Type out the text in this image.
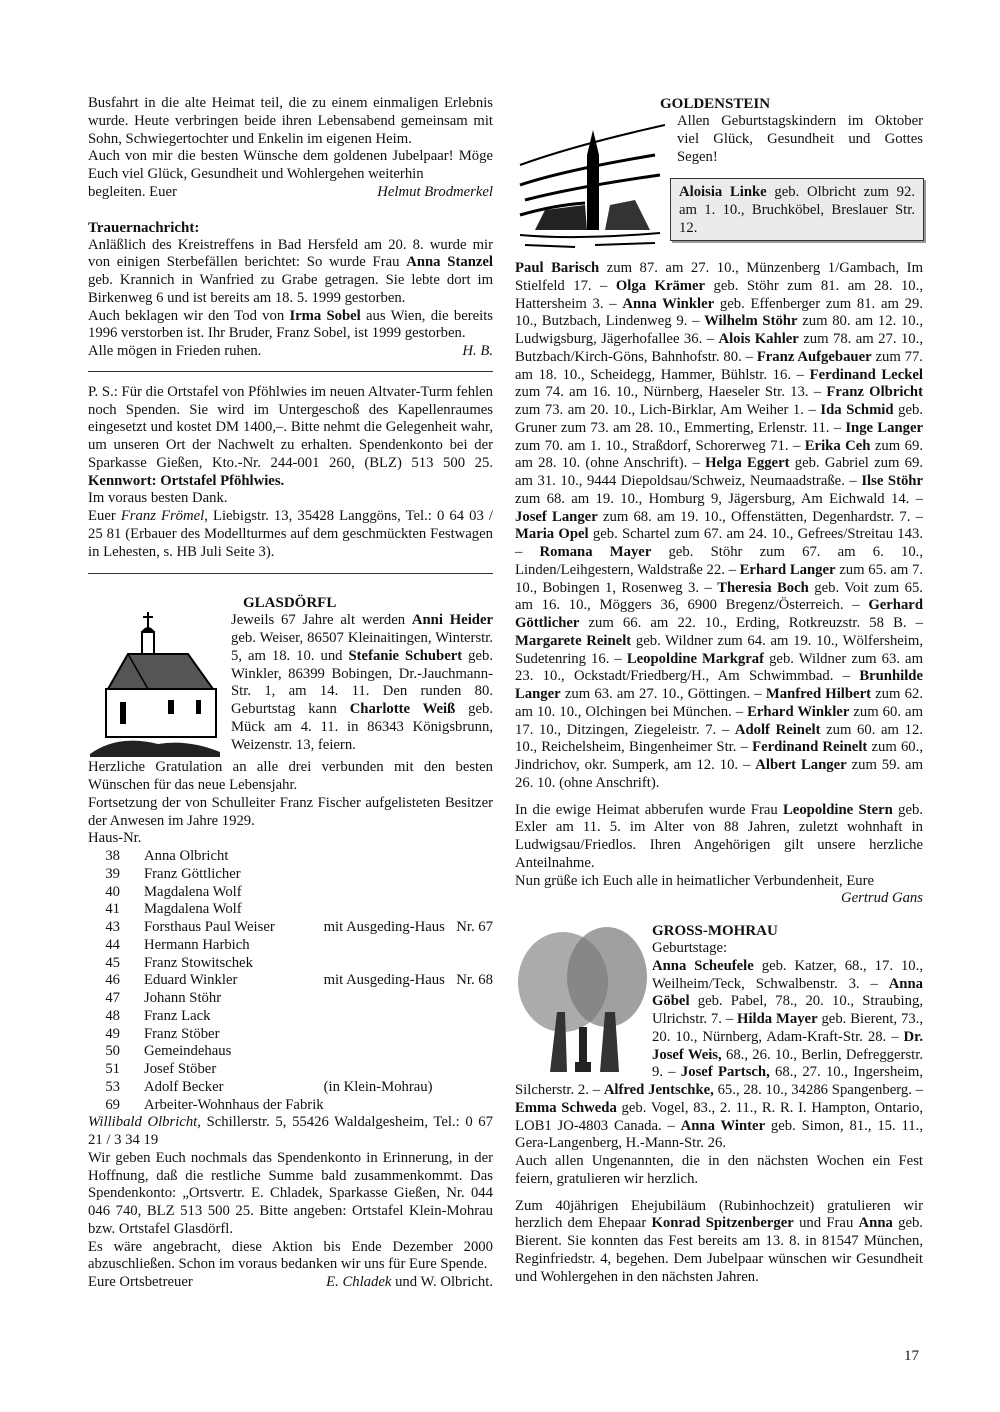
Busfahrt in die alte Heimat teil, die zu einem einmaligen Erlebnis wurde. Heute verbringen beide ihren Lebensabend gemeinsam mit Sohn, Schwiegertochter und Enkelin im eigenen Heim.

Auch von mir die besten Wünsche dem goldenen Jubelpaar! Möge Euch viel Glück, Gesundheit und Wohlergehen weiterhin

begleiten. Euer	Helmut Brodmerkel
Trauernachricht:

Anläßlich des Kreistreffens in Bad Hersfeld am 20. 8. wurde mir von einigen Sterbefällen berichtet: So wurde Frau Anna Stanzel geb. Krannich in Wanfried zu Grabe getragen. Sie lebte dort im Birkenweg 6 und ist bereits am 18. 5. 1999 gestorben.

Auch beklagen wir den Tod von Irma Sobel aus Wien, die bereits 1996 verstorben ist. Ihr Bruder, Franz Sobel, ist 1999 gestorben.

Alle mögen in Frieden ruhen.	H. B.

P. S.: Für die Ortstafel von Pföhlwies im neuen Altvater-Turm fehlen noch Spenden. Sie wird im Untergeschoß des Kapellenraumes eingesetzt und kostet DM 1400,–. Bitte nehmt die Gelegenheit wahr, um unseren Ort der Nachwelt zu erhalten. Spendenkonto bei der Sparkasse Gießen, Kto.-Nr. 244-001 260, (BLZ) 513 500 25. Kennwort: Ortstafel Pföhlwies.

Im voraus besten Dank.

Euer Franz Frömel, Liebigstr. 13, 35428 Langgöns, Tel.: 0 64 03 / 25 81 (Erbauer des Modellturmes auf dem geschmückten Festwagen in Lehesten, s. HB Juli Seite 3).

GLASDÖRFL

Jeweils 67 Jahre alt werden Anni Heider geb. Weiser, 86507 Kleinaitingen, Winterstr. 5, am 18. 10. und Stefanie Schubert geb. Winkler, 86399 Bobingen, Dr.-Jauchmann-Str. 1, am 14. 11. Den runden 80. Geburtstag kann Charlotte Weiß geb. Mück am 4. 11. in 86343 Königsbrunn, Weizenstr. 13, feiern.

Herzliche Gratulation an alle drei verbunden mit den besten Wünschen für das neue Lebensjahr.

Fortsetzung der von Schulleiter Franz Fischer aufgelisteten Besitzer der Anwesen im Jahre 1929.

Haus-Nr.
38	Anna Olbricht		
39	Franz Göttlicher		
40	Magdalena Wolf		
41	Magdalena Wolf		
43	Forsthaus Paul Weiser	mit Ausgeding-Haus	Nr. 67
44	Hermann Harbich		
45	Franz Stowitschek		
46	Eduard Winkler	mit Ausgeding-Haus	Nr. 68
47	Johann Stöhr		
48	Franz Lack		
49	Franz Stöber		
50	Gemeindehaus		
51	Josef Stöber		
53	Adolf Becker	(in Klein-Mohrau)	
69	Arbeiter-Wohnhaus der Fabrik		

Willibald Olbricht, Schillerstr. 5, 55426 Waldalgesheim, Tel.: 0 67 21 / 3 34 19

Wir geben Euch nochmals das Spendenkonto in Erinnerung, in der Hoffnung, daß die restliche Summe bald zusammenkommt. Das Spendenkonto: „Ortsvertr. E. Chladek, Sparkasse Gießen, Nr. 044 046 740, BLZ 513 500 25. Bitte angeben: Ortstafel Klein-Mohrau bzw. Ortstafel Glasdörfl.

Es wäre angebracht, diese Aktion bis Ende Dezember 2000 abzuschließen. Schon im voraus bedanken wir uns für Eure Spende.

Eure Ortsbetreuer	E. Chladek und W. Olbricht.
GOLDENSTEIN

Allen Geburtstagskindern im Oktober viel Glück, Gesundheit und Gottes Segen!

Aloisia Linke geb. Olbricht zum 92. am 1. 10., Bruchköbel, Breslauer Str. 12.

Paul Barisch zum 87. am 27. 10., Münzenberg 1/Gambach, Im Stielfeld 17. – Olga Krämer geb. Stöhr zum 81. am 28. 10., Hattersheim 3. – Anna Winkler geb. Effenberger zum 81. am 29. 10., Butzbach, Lindenweg 9. – Wilhelm Stöhr zum 80. am 12. 10., Ludwigsburg, Jägerhofallee 36. – Alois Kahler zum 78. am 27. 10., Butzbach/Kirch-Göns, Bahnhofstr. 80. – Franz Aufgebauer zum 77. am 18. 10., Scheidegg, Hammer, Bühlstr. 16. – Ferdinand Leckel zum 74. am 16. 10., Nürnberg, Haeseler Str. 13. – Franz Olbricht zum 73. am 20. 10., Lich-Birklar, Am Weiher 1. – Ida Schmid geb. Gruner zum 73. am 28. 10., Emmerting, Erlenstr. 11. – Inge Langer zum 70. am 1. 10., Straßdorf, Schorerweg 71. – Erika Ceh zum 69. am 28. 10. (ohne Anschrift). – Helga Eggert geb. Gabriel zum 69. am 31. 10., 9444 Diepoldsau/Schweiz, Neumaadstraße. – Ilse Stöhr zum 68. am 19. 10., Homburg 9, Jägersburg, Am Eichwald 14. – Josef Langer zum 68. am 19. 10., Offenstätten, Degenhardstr. 7. – Maria Opel geb. Schartel zum 67. am 24. 10., Gefrees/Streitau 143. – Romana Mayer geb. Stöhr zum 67. am 6. 10., Linden/Leihgestern, Waldstraße 22. – Erhard Langer zum 65. am 7. 10., Bobingen 1, Rosenweg 3. – Theresia Boch geb. Voit zum 65. am 16. 10., Möggers 36, 6900 Bregenz/Österreich. – Gerhard Göttlicher zum 66. am 22. 10., Erding, Rotkreuzstr. 58 B. – Margarete Reinelt geb. Wildner zum 64. am 19. 10., Wölfersheim, Sudetenring 16. – Leopoldine Markgraf geb. Wildner zum 63. am 23. 10., Ockstadt/Friedberg/H., Am Schwimmbad. – Brunhilde Langer zum 63. am 27. 10., Göttingen. – Manfred Hilbert zum 62. am 10. 10., Olchingen bei München. – Erhard Winkler zum 60. am 17. 10., Ditzingen, Ziegeleistr. 7. – Adolf Reinelt zum 60. am 12. 10., Reichelsheim, Bingenheimer Str. – Ferdinand Reinelt zum 60., Jindrichov, okr. Sumperk, am 12. 10. – Albert Langer zum 59. am 26. 10. (ohne Anschrift).

In die ewige Heimat abberufen wurde Frau Leopoldine Stern geb. Exler am 11. 5. im Alter von 88 Jahren, zuletzt wohnhaft in Ludwigsau/Friedlos. Ihren Angehörigen gilt unsere herzliche Anteilnahme.

Nun grüße ich Euch alle in heimatlicher Verbundenheit, Eure

Gertrud Gans
GROSS-MOHRAU
Geburtstage:

Anna Scheufele geb. Katzer, 68., 17. 10., Weilheim/Teck, Schwalbenstr. 3. – Anna Göbel geb. Pabel, 78., 20. 10., Straubing, Ulrichstr. 7. – Hilda Mayer geb. Bierent, 73., 20. 10., Nürnberg, Adam-Kraft-Str. 28. – Dr. Josef Weis, 68., 26. 10., Berlin, Defreggerstr. 9. – Josef Partsch, 68., 27. 10., Ingersheim, Silcherstr. 2. – Alfred Jentschke, 65., 28. 10., 34286 Spangenberg. – Emma Schweda geb. Vogel, 83., 2. 11., R. R. I. Hampton, Ontario, LOB1 JO-4803 Canada. – Anna Winter geb. Simon, 81., 15. 11., Gera-Langenberg, H.-Mann-Str. 26.

Auch allen Ungenannten, die in den nächsten Wochen ein Fest feiern, gratulieren wir herzlich.

Zum 40jährigen Ehejubiläum (Rubinhochzeit) gratulieren wir herzlich dem Ehepaar Konrad Spitzenberger und Frau Anna geb. Bierent. Sie konnten das Fest bereits am 13. 8. in 81547 München, Reginfriedstr. 4, begehen. Dem Jubelpaar wünschen wir Gesundheit und Wohlergehen in den nächsten Jahren.

17
